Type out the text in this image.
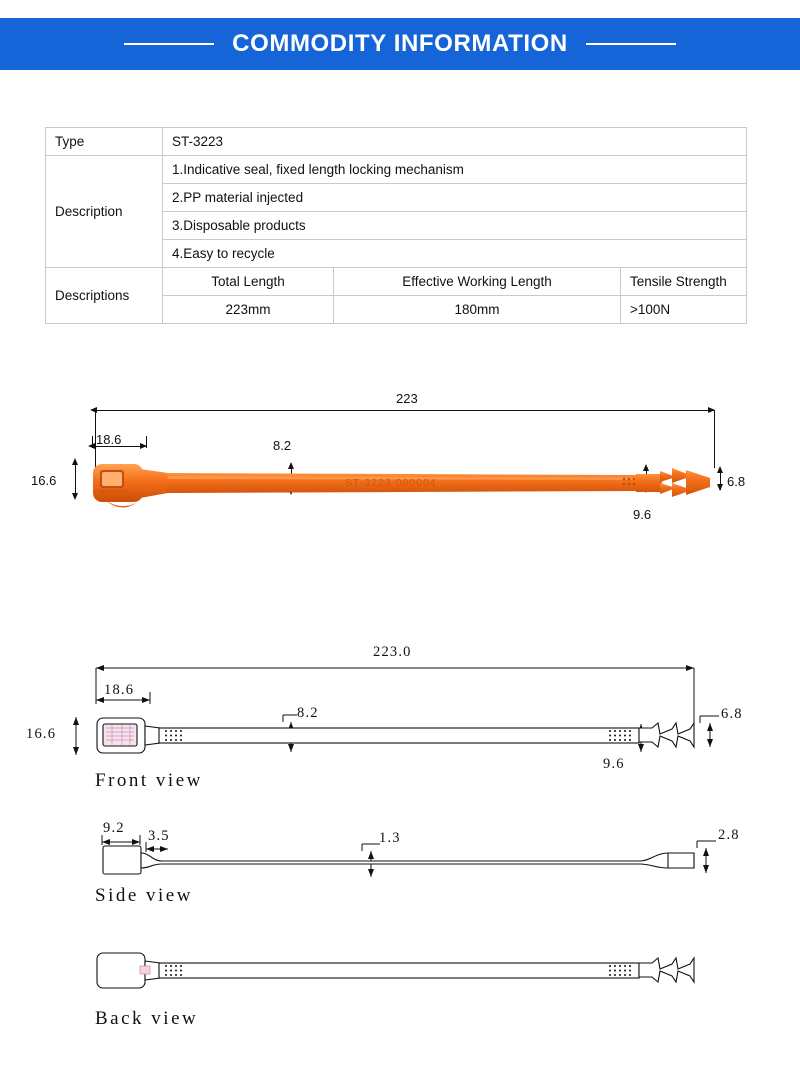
COMMODITY INFORMATION
Type	ST-3223		
Description	1.Indicative seal, fixed length locking mechanism		
	2.PP material injected		
	3.Disposable products		
	4.Easy to recycle		
Descriptions	Total Length	Effective Working Length	Tensile Strength
	223mm	180mm	>100N
223
18.6
16.6
8.2
9.6
6.8
ST-3223 000004
223.0
18.6
16.6
8.2
9.6
6.8
Front view
9.2 3.5	1.3	2.8
Side view
Back view
